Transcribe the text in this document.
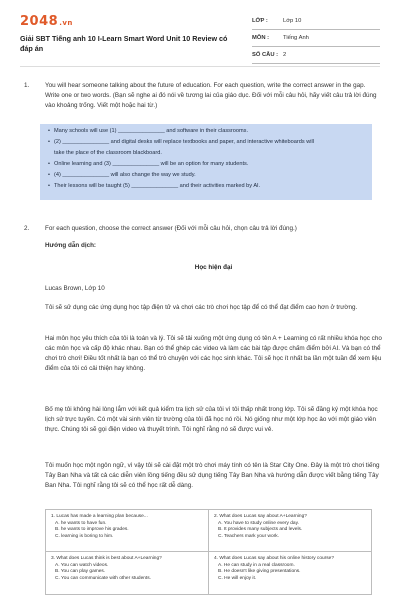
2048.vn
Giải SBT Tiếng anh 10 I-Learn Smart Word Unit 10 Review có đáp án
LỚP :	Lớp 10
MÔN :	Tiếng Anh
SỐ CÂU : 2
1. You will hear someone talking about the future of education. For each question, write the correct answer in the gap. Write one or two words. (Bạn sẽ nghe ai đó nói về tương lai của giáo dục. Đối với mỗi câu hỏi, hãy viết câu trả lời đúng vào khoảng trống. Viết một hoặc hai từ.)
• Many schools will use (1) _______________ and software in their classrooms.
• (2) _______________ and digital desks will replace textbooks and paper, and interactive whiteboards will
take the place of the classroom blackboard.
• Online learning and (3) _______________ will be an option for many students.
• (4) _______________ will also change the way we study.
• Their lessons will be taught (5) _______________ and their activities marked by AI.
2. For each question, choose the correct answer (Đối với mỗi câu hỏi, chọn câu trả lời đúng.)
Hướng dẫn dịch:
Học hiện đại
Lucas Brown, Lớp 10
Tôi sẽ sử dụng các ứng dụng học tập điện tử và chơi các trò chơi học tập để có thể đạt điểm cao hơn ở trường.
Hai môn học yêu thích của tôi là toán và lý. Tôi sẽ tải xuống một ứng dụng có tên A + Learning có rất nhiều khóa học cho các môn học và cấp độ khác nhau. Bạn có thể ghép các video và làm các bài tập được chấm điểm bởi AI. Và bạn có thể chơi trò chơi! Điều tốt nhất là bạn có thể trò chuyện với các học sinh khác. Tôi sẽ học ít nhất ba lần một tuần để xem liệu điểm của tôi có cải thiện hay không.
Bố mẹ tôi không hài lòng lắm với kết quả kiểm tra lịch sử của tôi vì tôi thấp nhất trong lớp. Tôi sẽ đăng ký một khóa học lịch sử trực tuyến. Có một vài sinh viên từ trường của tôi đã học nó rồi. Nó giống như một lớp học ảo với một giáo viên thực. Chúng tôi sẽ gọi điện video và thuyết trình. Tôi nghĩ rằng nó sẽ được vui vẻ.
Tôi muốn học một ngôn ngữ, vì vậy tôi sẽ cài đặt một trò chơi máy tính có tên là Star City One. Đây là một trò chơi tiếng Tây Ban Nha và tất cả các diễn viên lồng tiếng đều sử dụng tiếng Tây Ban Nha và hướng dẫn được viết bằng tiếng Tây Ban Nha. Tôi nghĩ rằng tôi sẽ có thể học rất dễ dàng.
1. Lucas has made a learning plan because...
A. he wants to have fun.
B. he wants to improve his grades.
C. learning is boring to him.
2. What does Lucas say about A+Learning?
A. You have to study online every day.
B. It provides many subjects and levels.
C. Teachers mark your work.
3. What does Lucas think is best about A+Learning?
A. You can watch videos.
B. You can play games.
C. You can communicate with other students.
4. What does Lucas say about his online history course?
A. He can study in a real classroom.
B. He doesn't like giving presentations.
C. He will enjoy it.
